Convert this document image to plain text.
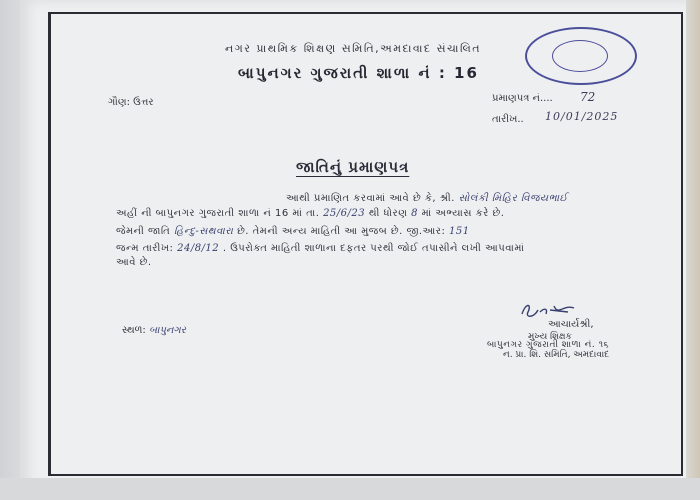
નગર પ્રાથમિક શિક્ષણ સમિતિ,અમદાવાદ સંચાલિત
બાપુનગર ગુજરાતી શાળા નં : 16
ગૌણ: ઉત્તર	પ્રમાણપત્ર નં.... 72
તારીખ.. 10/01/2025
જાતિનું પ્રમાણપત્ર
આથી પ્રમાણિત કરવામાં આવે છે કે, શ્રી. સોલંકી મિહિર વિજયભાઈ
અહીં ની બાપુનગર ગુજરાતી શાળા નં 16 માં તા. 25/6/23 થી ધોરણ 8 માં અભ્યાસ કરે છે.
જેમની જાતિ હિન્દુ-સથવારા છે. તેમની અન્ય માહિતી આ મુજબ છે. જી.આર: 151
જન્મ તારીખ: 24/8/12 . ઉપરોક્ત માહિતી શાળાના દફતર પરથી જોઈ તપાસીને લખી આપવામાં
આવે છે.
સ્થળ: બાપુનગર
આચાર્યશ્રી,
મુખ્ય શિક્ષક
બાપુનગર ગુજરાતી શાળા નં. ૧૬
ન. પ્રા. શિ. સમિતિ, અમદાવાદ
